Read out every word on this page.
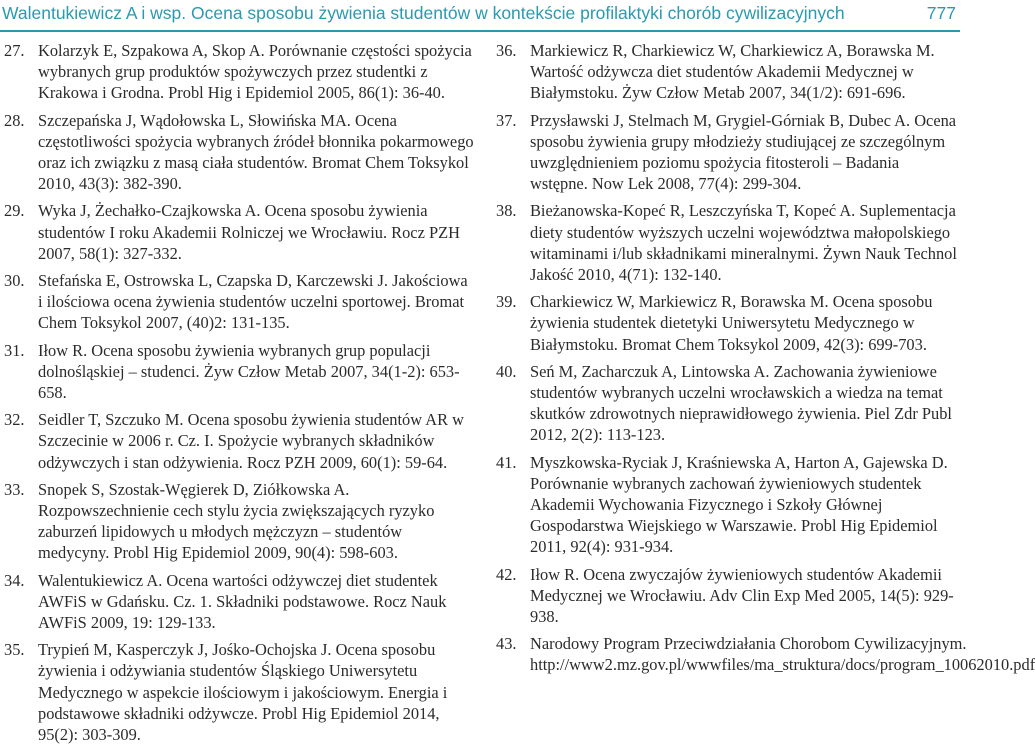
Walentukiewicz A i wsp. Ocena sposobu żywienia studentów w kontekście profilaktyki chorób cywilizacyjnych	777
27. Kolarzyk E, Szpakowa A, Skop A. Porównanie częstości spożycia wybranych grup produktów spożywczych przez studentki z Krakowa i Grodna. Probl Hig i Epidemiol 2005, 86(1): 36-40.
28. Szczepańska J, Wądołowska L, Słowińska MA. Ocena częstotliwości spożycia wybranych źródeł błonnika pokarmowego oraz ich związku z masą ciała studentów. Bromat Chem Toksykol 2010, 43(3): 382-390.
29. Wyka J, Żechałko-Czajkowska A. Ocena sposobu żywienia studentów I roku Akademii Rolniczej we Wrocławiu. Rocz PZH 2007, 58(1): 327-332.
30. Stefańska E, Ostrowska L, Czapska D, Karczewski J. Jakościowa i ilościowa ocena żywienia studentów uczelni sportowej. Bromat Chem Toksykol 2007, (40)2: 131-135.
31. Iłow R. Ocena sposobu żywienia wybranych grup populacji dolnośląskiej – studenci. Żyw Człow Metab 2007, 34(1-2): 653-658.
32. Seidler T, Szczuko M. Ocena sposobu żywienia studentów AR w Szczecinie w 2006 r. Cz. I. Spożycie wybranych składników odżywczych i stan odżywienia. Rocz PZH 2009, 60(1): 59-64.
33. Snopek S, Szostak-Węgierek D, Ziółkowska A. Rozpowszechnienie cech stylu życia zwiększających ryzyko zaburzeń lipidowych u młodych mężczyzn – studentów medycyny. Probl Hig Epidemiol 2009, 90(4): 598-603.
34. Walentukiewicz A. Ocena wartości odżywczej diet studentek AWFiS w Gdańsku. Cz. 1. Składniki podstawowe. Rocz Nauk AWFiS 2009, 19: 129-133.
35. Trypień M, Kasperczyk J, Jośko-Ochojska J. Ocena sposobu żywienia i odżywiania studentów Śląskiego Uniwersytetu Medycznego w aspekcie ilościowym i jakościowym. Energia i podstawowe składniki odżywcze. Probl Hig Epidemiol 2014, 95(2): 303-309.
36. Markiewicz R, Charkiewicz W, Charkiewicz A, Borawska M. Wartość odżywcza diet studentów Akademii Medycznej w Białymstoku. Żyw Człow Metab 2007, 34(1/2): 691-696.
37. Przysławski J, Stelmach M, Grygiel-Górniak B, Dubec A. Ocena sposobu żywienia grupy młodzieży studiującej ze szczególnym uwzględnieniem poziomu spożycia fitosteroli – Badania wstępne. Now Lek 2008, 77(4): 299-304.
38. Bieżanowska-Kopeć R, Leszczyńska T, Kopeć A. Suplementacja diety studentów wyższych uczelni województwa małopolskiego witaminami i/lub składnikami mineralnymi. Żywn Nauk Technol Jakość 2010, 4(71): 132-140.
39. Charkiewicz W, Markiewicz R, Borawska M. Ocena sposobu żywienia studentek dietetyki Uniwersytetu Medycznego w Białymstoku. Bromat Chem Toksykol 2009, 42(3): 699-703.
40. Seń M, Zacharczuk A, Lintowska A. Zachowania żywieniowe studentów wybranych uczelni wrocławskich a wiedza na temat skutków zdrowotnych nieprawidłowego żywienia. Piel Zdr Publ 2012, 2(2): 113-123.
41. Myszkowska-Ryciak J, Kraśniewska A, Harton A, Gajewska D. Porównanie wybranych zachowań żywieniowych studentek Akademii Wychowania Fizycznego i Szkoły Głównej Gospodarstwa Wiejskiego w Warszawie. Probl Hig Epidemiol 2011, 92(4): 931-934.
42. Iłow R. Ocena zwyczajów żywieniowych studentów Akademii Medycznej we Wrocławiu. Adv Clin Exp Med 2005, 14(5): 929-938.
43. Narodowy Program Przeciwdziałania Chorobom Cywilizacyjnym. http://www2.mz.gov.pl/wwwfiles/ma_struktura/docs/program_10062010.pdf
